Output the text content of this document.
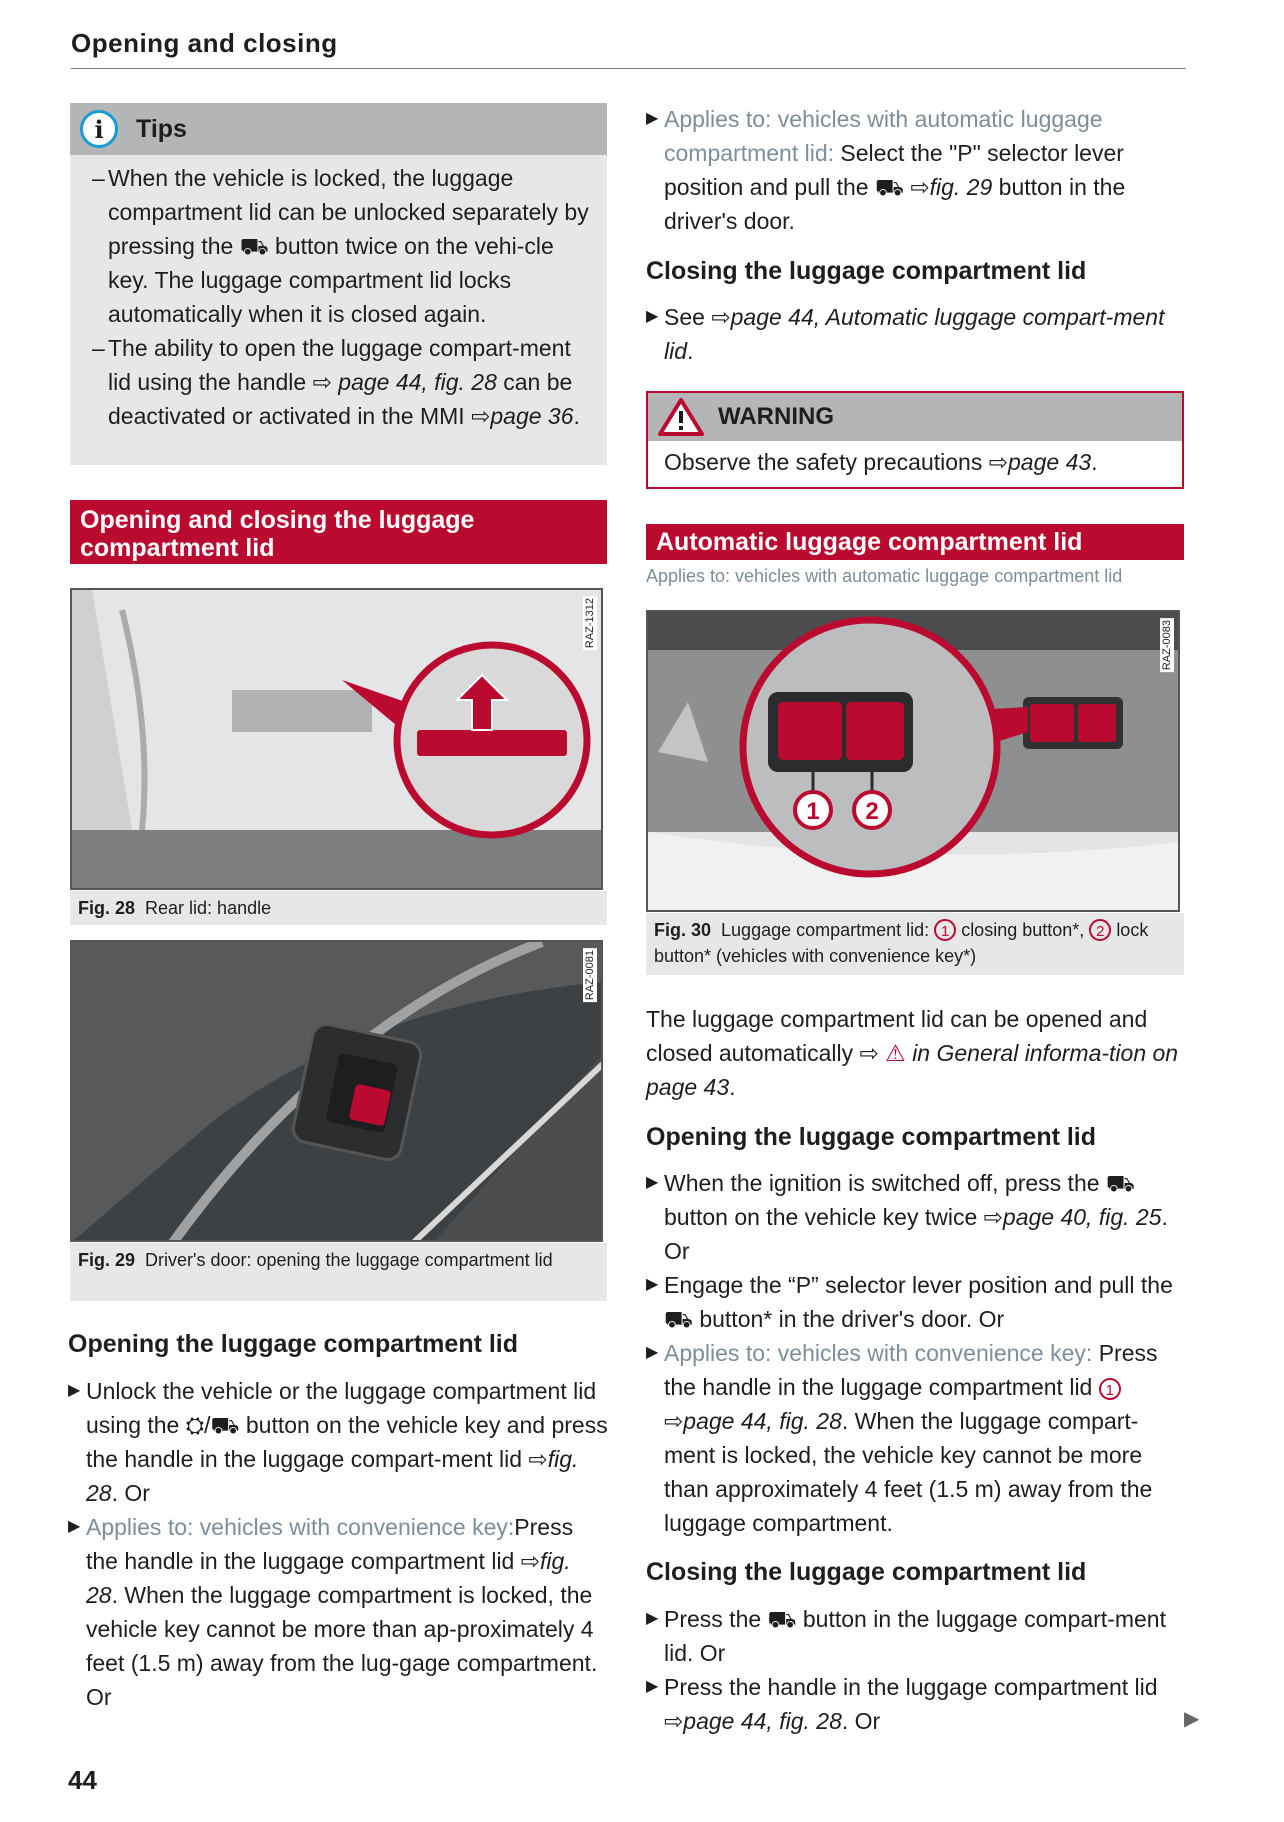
Opening and closing
i	Tips
– When the vehicle is locked, the luggage compartment lid can be unlocked separately by pressing the ⛟ button twice on the vehi-cle key. The luggage compartment lid locks automatically when it is closed again.
– The ability to open the luggage compart-ment lid using the handle ⇨ page 44, fig. 28 can be deactivated or activated in the MMI ⇨page 36.
Opening and closing the luggage compartment lid
RAZ-1312
Fig. 28 Rear lid: handle
RAZ-0081
Fig. 29 Driver's door: opening the luggage compartment lid
Opening the luggage compartment lid
▶ Unlock the vehicle or the luggage compartment lid using the ⛭/⛟ button on the vehicle key and press the handle in the luggage compart-ment lid ⇨fig. 28. Or
▶ Applies to: vehicles with convenience key:Press the handle in the luggage compartment lid ⇨fig. 28. When the luggage compartment is locked, the vehicle key cannot be more than ap-proximately 4 feet (1.5 m) away from the lug-gage compartment. Or
44
▶ Applies to: vehicles with automatic luggage compartment lid: Select the "P" selector lever position and pull the ⛟ ⇨fig. 29 button in the driver's door.
Closing the luggage compartment lid
▶ See ⇨page 44, Automatic luggage compart-ment lid.
WARNING
Observe the safety precautions ⇨page 43.
Automatic luggage compartment lid
Applies to: vehicles with automatic luggage compartment lid
1 2
RAZ-0083
Fig. 30 Luggage compartment lid: 1 closing button*, 2 lock button* (vehicles with convenience key*)
The luggage compartment lid can be opened and closed automatically ⇨ ⚠ in General informa-tion on page 43.
Opening the luggage compartment lid
▶ When the ignition is switched off, press the ⛟ button on the vehicle key twice ⇨page 40, fig. 25. Or
▶ Engage the “P” selector lever position and pull the ⛟ button* in the driver's door. Or
▶ Applies to: vehicles with convenience key: Press the handle in the luggage compartment lid 1 ⇨page 44, fig. 28. When the luggage compart-ment is locked, the vehicle key cannot be more than approximately 4 feet (1.5 m) away from the luggage compartment.
Closing the luggage compartment lid
▶ Press the ⛟ button in the luggage compart-ment lid. Or
▶ Press the handle in the luggage compartment lid ⇨page 44, fig. 28. Or	▶
